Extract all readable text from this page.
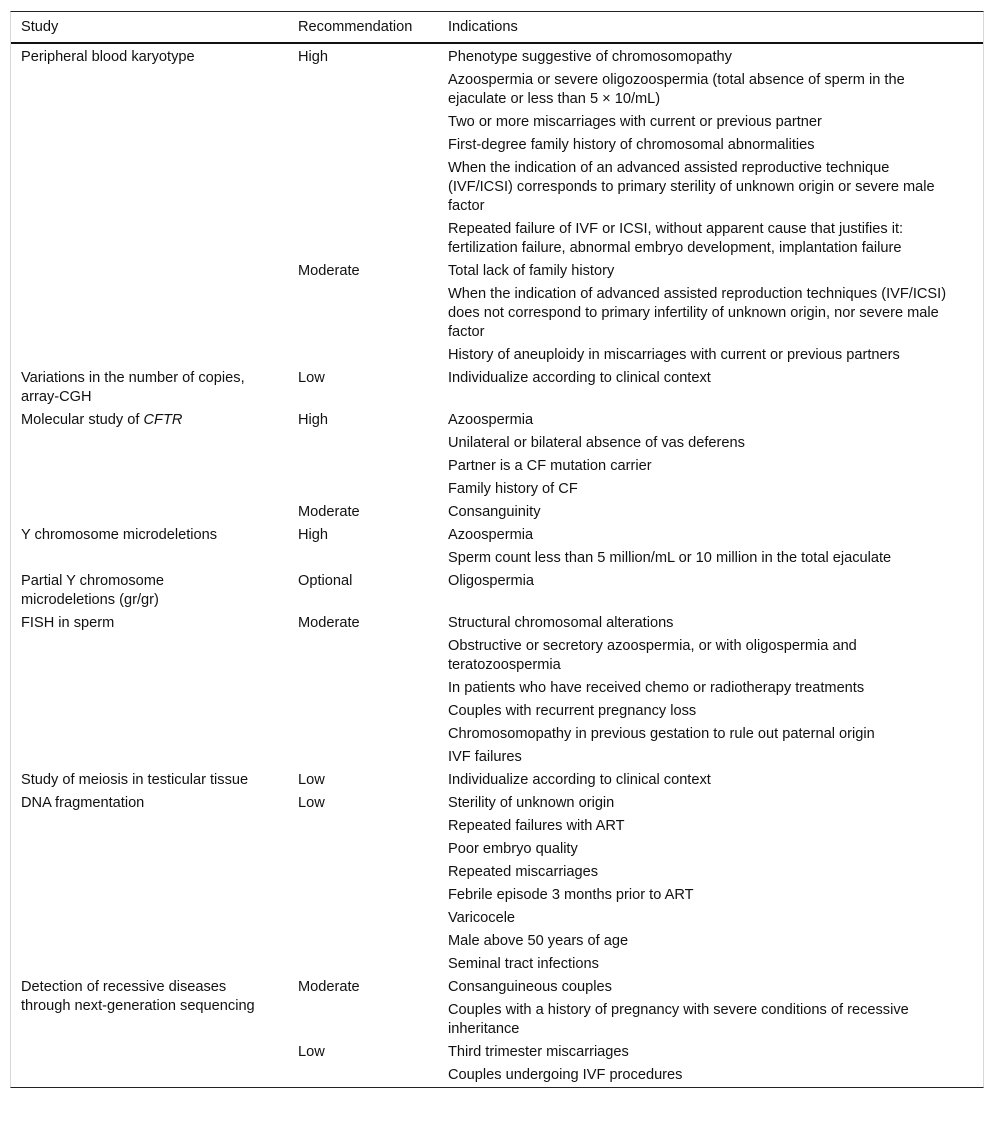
Study	Recommendation	Indications
Peripheral blood karyotype	High	Phenotype suggestive of chromosomopathy
		Azoospermia or severe oligozoospermia (total absence of sperm in the ejaculate or less than 5 × 10/mL)
		Two or more miscarriages with current or previous partner
		First-degree family history of chromosomal abnormalities
		When the indication of an advanced assisted reproductive technique (IVF/ICSI) corresponds to primary sterility of unknown origin or severe male factor
		Repeated failure of IVF or ICSI, without apparent cause that justifies it: fertilization failure, abnormal embryo development, implantation failure
	Moderate	Total lack of family history
		When the indication of advanced assisted reproduction techniques (IVF/ICSI) does not correspond to primary infertility of unknown origin, nor severe male factor
		History of aneuploidy in miscarriages with current or previous partners
Variations in the number of copies, array-CGH	Low	Individualize according to clinical context
Molecular study of CFTR	High	Azoospermia
		Unilateral or bilateral absence of vas deferens
		Partner is a CF mutation carrier
		Family history of CF
	Moderate	Consanguinity
Y chromosome microdeletions	High	Azoospermia
		Sperm count less than 5 million/mL or 10 million in the total ejaculate
Partial Y chromosome microdeletions (gr/gr)	Optional	Oligospermia
FISH in sperm	Moderate	Structural chromosomal alterations
		Obstructive or secretory azoospermia, or with oligospermia and teratozoospermia
		In patients who have received chemo or radiotherapy treatments
		Couples with recurrent pregnancy loss
		Chromosomopathy in previous gestation to rule out paternal origin
		IVF failures
Study of meiosis in testicular tissue	Low	Individualize according to clinical context
DNA fragmentation	Low	Sterility of unknown origin
		Repeated failures with ART
		Poor embryo quality
		Repeated miscarriages
		Febrile episode 3 months prior to ART
		Varicocele
		Male above 50 years of age
		Seminal tract infections
Detection of recessive diseases through next-generation sequencing	Moderate	Consanguineous couples
		Couples with a history of pregnancy with severe conditions of recessive inheritance
	Low	Third trimester miscarriages
		Couples undergoing IVF procedures
